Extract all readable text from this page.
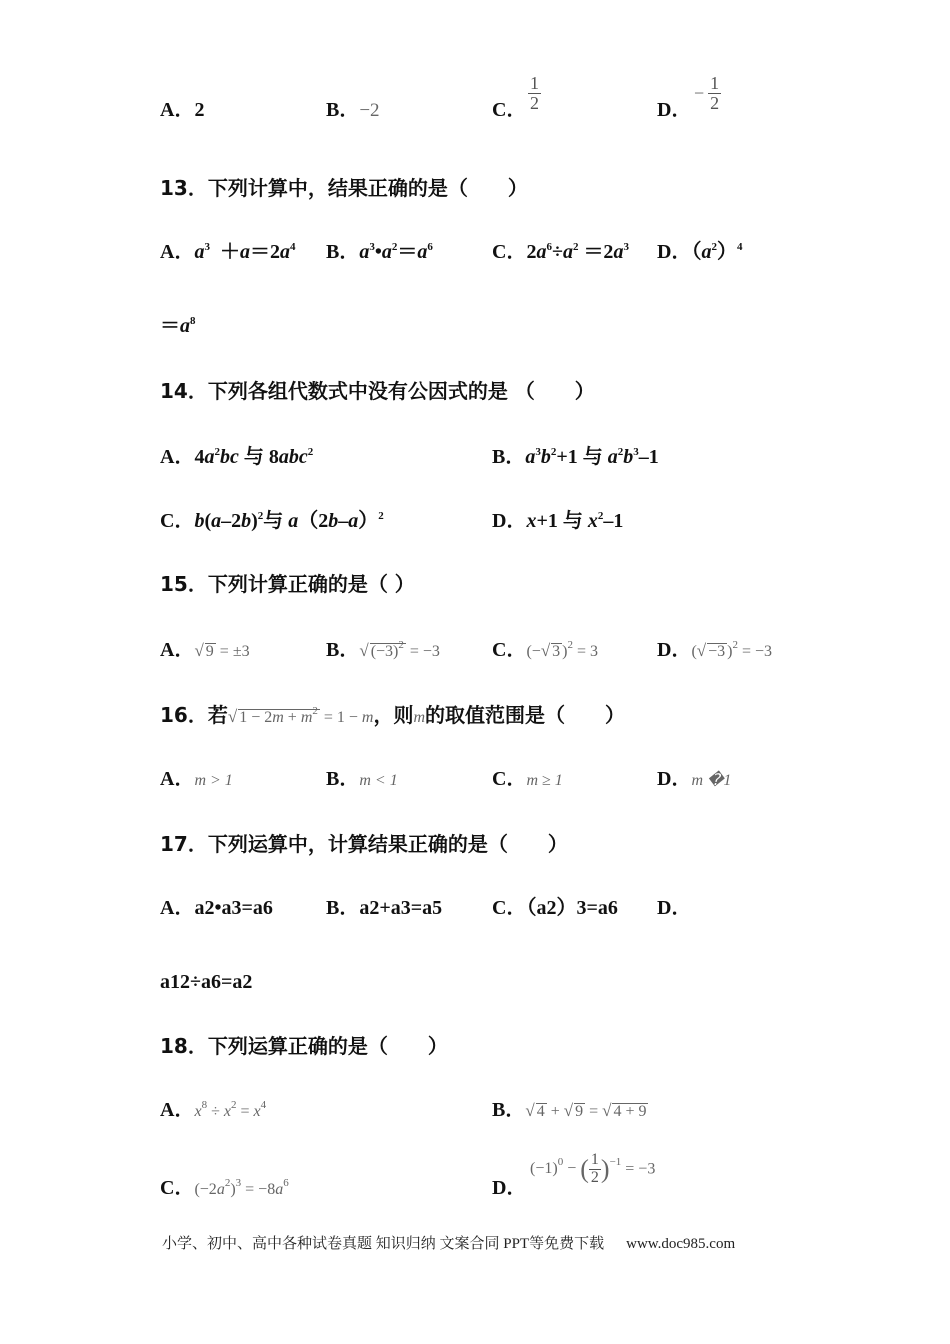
A．2	B．−2	C．
1
2	D．
− $\frac{1}{2}$
13．下列计算中，结果正确的是（　　）
A．$a^3 +a=2a^4$ B．$a^3•a^2=a^6$	C．$2a^6\div a^2 =2a^3$ D．$(a^2)^4$
$=a^8$
14．下列各组代数式中没有公因式的是 （　　）
A．$4a^2bc$ 与 8abc$^2$	B．$a^3b^2+1$ 与 $a^2b^3-1$
C．$b(a-2b)^2$与 $a(2b-a)^2$	D．x+1 与 $x^2-1$
15．下列计算正确的是（ ）
A．√ 9 = ±3	B．√ $(-3)^2 = -3$	C．(−√ 3 )$^2$ = 3	D．(√ −3 )$^2$ = −3
16．若√ $1 - 2m + m^2 = 1 - m$，则m的取值范围是（　　）
A．m > 1	B．m < 1	C．m ≥ 1	D．m �1
17．下列运算中，计算结果正确的是（　　）
A．a2•a3=a6	B．a2+a3=a5 C．（a2）3=a6 D．
a12÷a6=a2
18．下列运算正确的是（　　）
A．$x^8 \div x^2 = x^4$	B．√ 4 + √ 9 = √ 4 + 9
C．$(-2a^2)^3 = -8a^6$	D．
$(-1)^0$ − ( $\frac{1}{2} )^{-1} = -3$
小学、初中、高中各种试卷真题 知识归纳 文案合同 PPT等免费下载 www.doc985.com
